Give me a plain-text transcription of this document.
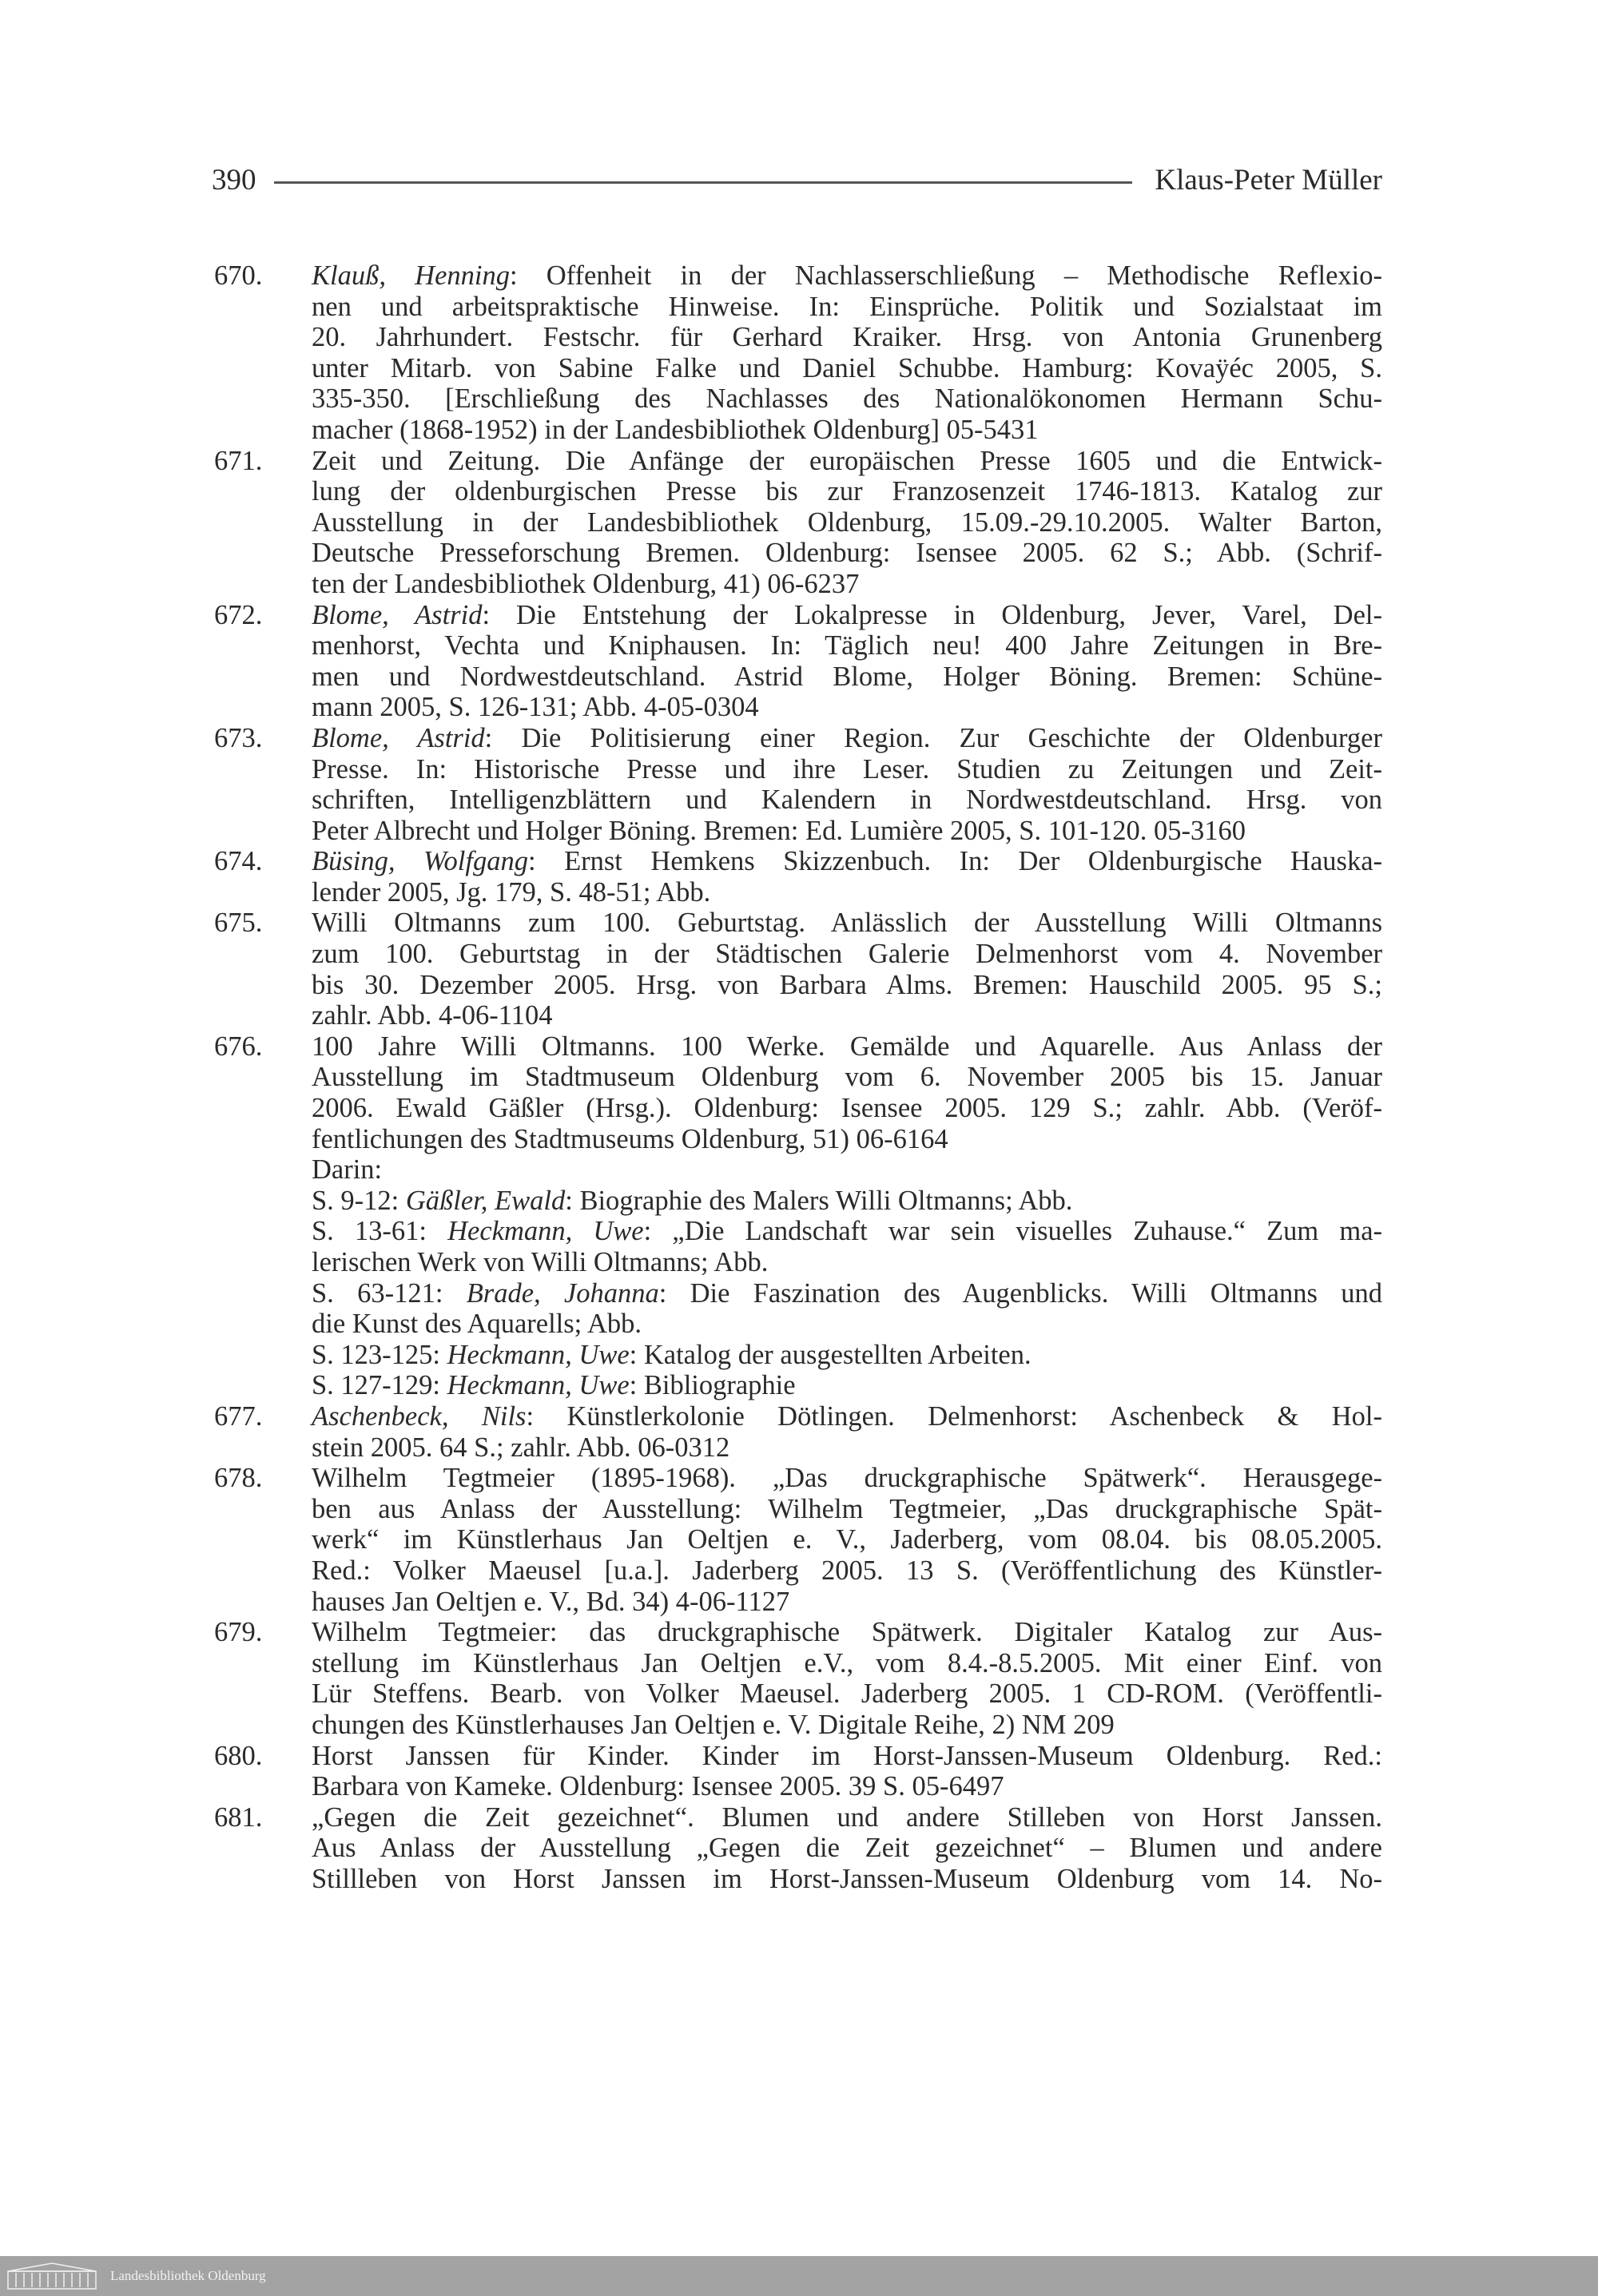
390	Klaus-Peter Müller
670.	Klauß, Henning: Offenheit in der Nachlasserschließung – Methodische Reflexio-
nen und arbeitspraktische Hinweise. In: Einsprüche. Politik und Sozialstaat im
20. Jahrhundert. Festschr. für Gerhard Kraiker. Hrsg. von Antonia Grunenberg
unter Mitarb. von Sabine Falke und Daniel Schubbe. Hamburg: Kovaÿéc 2005, S.
335-350. [Erschließung des Nachlasses des Nationalökonomen Hermann Schu-
macher (1868-1952) in der Landesbibliothek Oldenburg] 05-5431
671.	Zeit und Zeitung. Die Anfänge der europäischen Presse 1605 und die Entwick-
lung der oldenburgischen Presse bis zur Franzosenzeit 1746-1813. Katalog zur
Ausstellung in der Landesbibliothek Oldenburg, 15.09.-29.10.2005. Walter Barton,
Deutsche Presseforschung Bremen. Oldenburg: Isensee 2005. 62 S.; Abb. (Schrif-
ten der Landesbibliothek Oldenburg, 41) 06-6237
672.	Blome, Astrid: Die Entstehung der Lokalpresse in Oldenburg, Jever, Varel, Del-
menhorst, Vechta und Kniphausen. In: Täglich neu! 400 Jahre Zeitungen in Bre-
men und Nordwestdeutschland. Astrid Blome, Holger Böning. Bremen: Schüne-
mann 2005, S. 126-131; Abb. 4-05-0304
673.	Blome, Astrid: Die Politisierung einer Region. Zur Geschichte der Oldenburger
Presse. In: Historische Presse und ihre Leser. Studien zu Zeitungen und Zeit-
schriften, Intelligenzblättern und Kalendern in Nordwestdeutschland. Hrsg. von
Peter Albrecht und Holger Böning. Bremen: Ed. Lumière 2005, S. 101-120. 05-3160
674.	Büsing, Wolfgang: Ernst Hemkens Skizzenbuch. In: Der Oldenburgische Hauska-
lender 2005, Jg. 179, S. 48-51; Abb.
675.	Willi Oltmanns zum 100. Geburtstag. Anlässlich der Ausstellung Willi Oltmanns
zum 100. Geburtstag in der Städtischen Galerie Delmenhorst vom 4. November
bis 30. Dezember 2005. Hrsg. von Barbara Alms. Bremen: Hauschild 2005. 95 S.;
zahlr. Abb. 4-06-1104
676.	100 Jahre Willi Oltmanns. 100 Werke. Gemälde und Aquarelle. Aus Anlass der
Ausstellung im Stadtmuseum Oldenburg vom 6. November 2005 bis 15. Januar
2006. Ewald Gäßler (Hrsg.). Oldenburg: Isensee 2005. 129 S.; zahlr. Abb. (Veröf-
fentlichungen des Stadtmuseums Oldenburg, 51) 06-6164
Darin:
S. 9-12: Gäßler, Ewald: Biographie des Malers Willi Oltmanns; Abb.
S. 13-61: Heckmann, Uwe: „Die Landschaft war sein visuelles Zuhause.“ Zum ma-
lerischen Werk von Willi Oltmanns; Abb.
S. 63-121: Brade, Johanna: Die Faszination des Augenblicks. Willi Oltmanns und
die Kunst des Aquarells; Abb.
S. 123-125: Heckmann, Uwe: Katalog der ausgestellten Arbeiten.
S. 127-129: Heckmann, Uwe: Bibliographie
677.	Aschenbeck, Nils: Künstlerkolonie Dötlingen. Delmenhorst: Aschenbeck & Hol-
stein 2005. 64 S.; zahlr. Abb. 06-0312
678.	Wilhelm Tegtmeier (1895-1968). „Das druckgraphische Spätwerk“. Herausgege-
ben aus Anlass der Ausstellung: Wilhelm Tegtmeier, „Das druckgraphische Spät-
werk“ im Künstlerhaus Jan Oeltjen e. V., Jaderberg, vom 08.04. bis 08.05.2005.
Red.: Volker Maeusel [u.a.]. Jaderberg 2005. 13 S. (Veröffentlichung des Künstler-
hauses Jan Oeltjen e. V., Bd. 34) 4-06-1127
679.	Wilhelm Tegtmeier: das druckgraphische Spätwerk. Digitaler Katalog zur Aus-
stellung im Künstlerhaus Jan Oeltjen e.V., vom 8.4.-8.5.2005. Mit einer Einf. von
Lür Steffens. Bearb. von Volker Maeusel. Jaderberg 2005. 1 CD-ROM. (Veröffentli-
chungen des Künstlerhauses Jan Oeltjen e. V. Digitale Reihe, 2) NM 209
680.	Horst Janssen für Kinder. Kinder im Horst-Janssen-Museum Oldenburg. Red.:
Barbara von Kameke. Oldenburg: Isensee 2005. 39 S. 05-6497
681.	„Gegen die Zeit gezeichnet“. Blumen und andere Stilleben von Horst Janssen.
Aus Anlass der Ausstellung „Gegen die Zeit gezeichnet“ – Blumen und andere
Stillleben von Horst Janssen im Horst-Janssen-Museum Oldenburg vom 14. No-
Landesbibliothek Oldenburg
